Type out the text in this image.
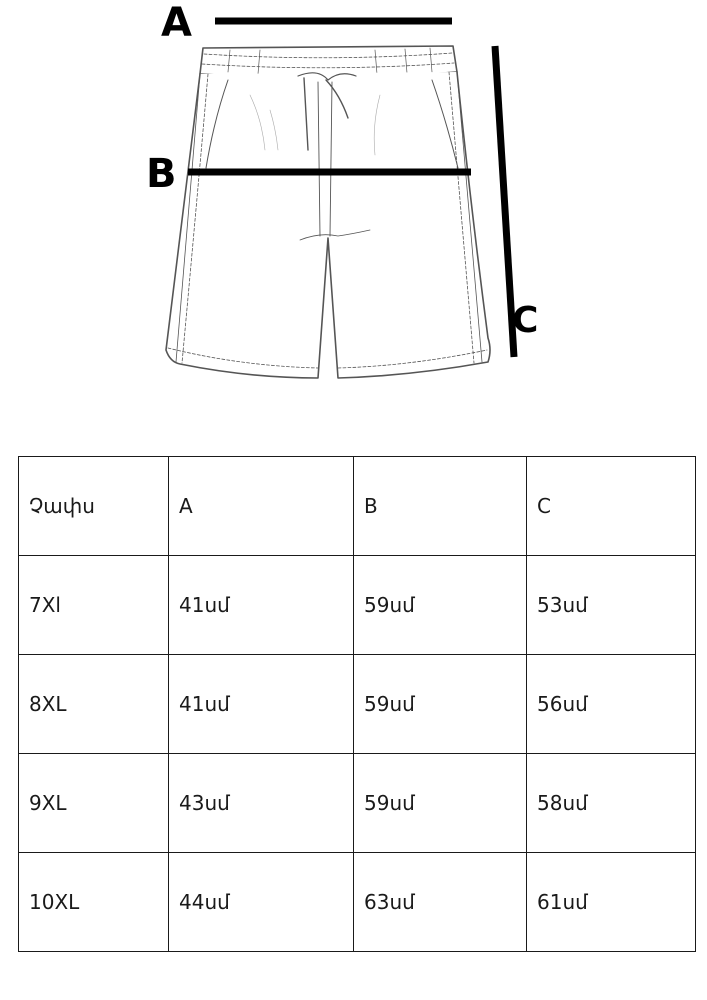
A
B
C
Չափս	A	B	C
7Xl	41սմ	59սմ	53սմ
8XL	41սմ	59սմ	56սմ
9XL	43սմ	59սմ	58սմ
10XL	44սմ	63սմ	61սմ
